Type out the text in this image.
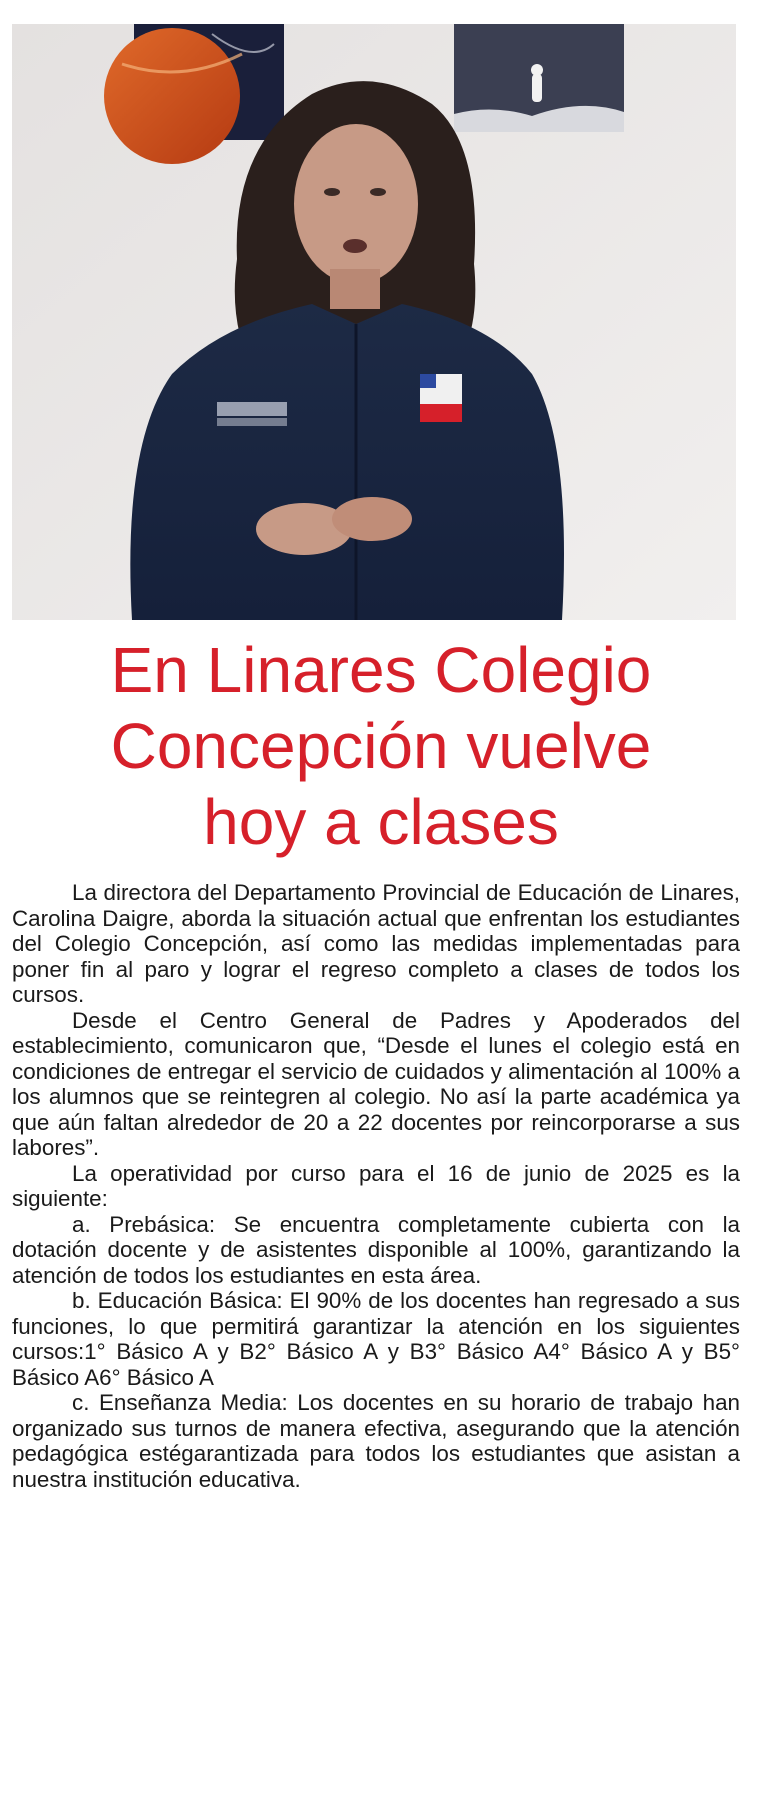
En Linares Colegio
Concepción vuelve
hoy a clases

La directora del Departamento Provincial de Educación de Linares, Carolina Daigre, aborda la situación actual que enfrentan los estudiantes del Colegio Concepción, así como las medidas implementadas para poner fin al paro y lograr el regreso completo a clases de todos los cursos.

Desde el Centro General de Padres y Apoderados del establecimiento, comunicaron que, “Desde el lunes el colegio está en condiciones de entregar el servicio de cuidados y alimentación al 100% a los alumnos que se reintegren al colegio. No así la parte académica ya que aún faltan alrededor de 20 a 22 docentes por reincorporarse a sus labores”.

La operatividad por curso para el 16 de junio de 2025 es la siguiente:

a. Prebásica: Se encuentra completamente cubierta con la dotación docente y de asistentes disponible al 100%, garantizando la atención de todos los estudiantes en esta área.

b. Educación Básica: El 90% de los docentes han regresado a sus funciones, lo que permitirá garantizar la atención en los siguientes cursos:1° Básico A y B2° Básico A y B3° Básico A4° Básico A y B5° Básico A6° Básico A

c. Enseñanza Media: Los docentes en su horario de trabajo han organizado sus turnos de manera efectiva, asegurando que la atención pedagógica estégarantizada para todos los estudiantes que asistan a nuestra institución educativa.
